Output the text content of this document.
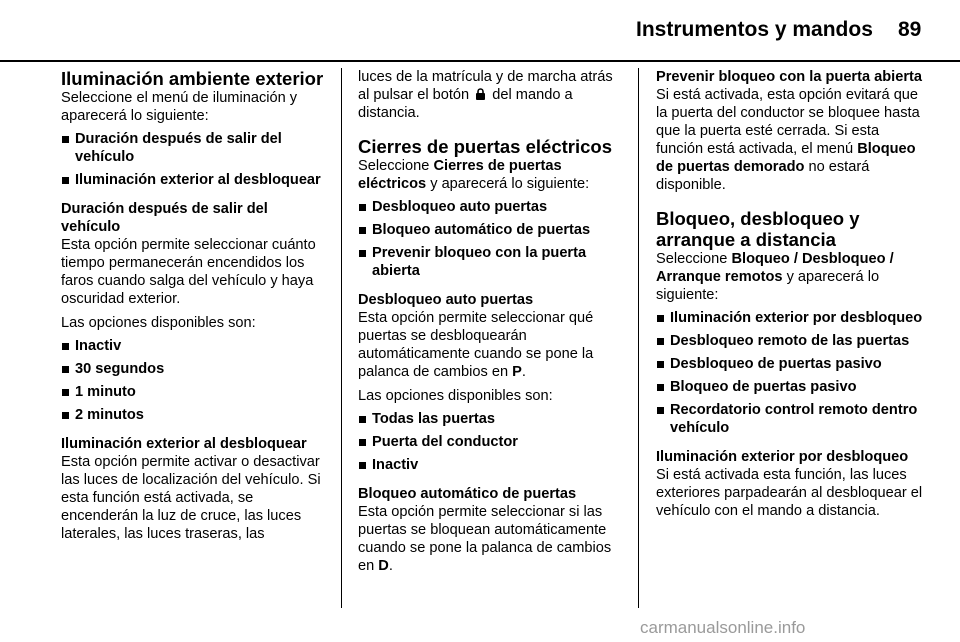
Instrumentos y mandos 89
Iluminación ambiente exterior

Seleccione el menú de iluminación y aparecerá lo siguiente:

Duración después de salir del vehículo
Iluminación exterior al desbloquear
Duración después de salir del vehículo

Esta opción permite seleccionar cuánto tiempo permanecerán encendidos los faros cuando salga del vehículo y haya oscuridad exterior.

Las opciones disponibles son:

Inactiv
30 segundos
1 minuto
2 minutos
Iluminación exterior al desbloquear

Esta opción permite activar o desactivar las luces de localización del vehículo. Si esta función está activada, se encenderán la luz de cruce, las luces laterales, las luces traseras, las

luces de la matrícula y de marcha atrás al pulsar el botón del mando a distancia.

Cierres de puertas eléctricos

Seleccione Cierres de puertas eléctricos y aparecerá lo siguiente:

Desbloqueo auto puertas
Bloqueo automático de puertas
Prevenir bloqueo con la puerta abierta
Desbloqueo auto puertas

Esta opción permite seleccionar qué puertas se desbloquearán automáticamente cuando se pone la palanca de cambios en P.

Las opciones disponibles son:

Todas las puertas
Puerta del conductor
Inactiv
Bloqueo automático de puertas

Esta opción permite seleccionar si las puertas se bloquean automáticamente cuando se pone la palanca de cambios en D.

Prevenir bloqueo con la puerta abierta

Si está activada, esta opción evitará que la puerta del conductor se bloquee hasta que la puerta esté cerrada. Si esta función está activada, el menú Bloqueo de puertas demorado no estará disponible.

Bloqueo, desbloqueo y arranque a distancia

Seleccione Bloqueo / Desbloqueo / Arranque remotos y aparecerá lo siguiente:

Iluminación exterior por desbloqueo
Desbloqueo remoto de las puertas
Desbloqueo de puertas pasivo
Bloqueo de puertas pasivo
Recordatorio control remoto dentro vehículo
Iluminación exterior por desbloqueo

Si está activada esta función, las luces exteriores parpadearán al desbloquear el vehículo con el mando a distancia.

carmanualsonline.info
